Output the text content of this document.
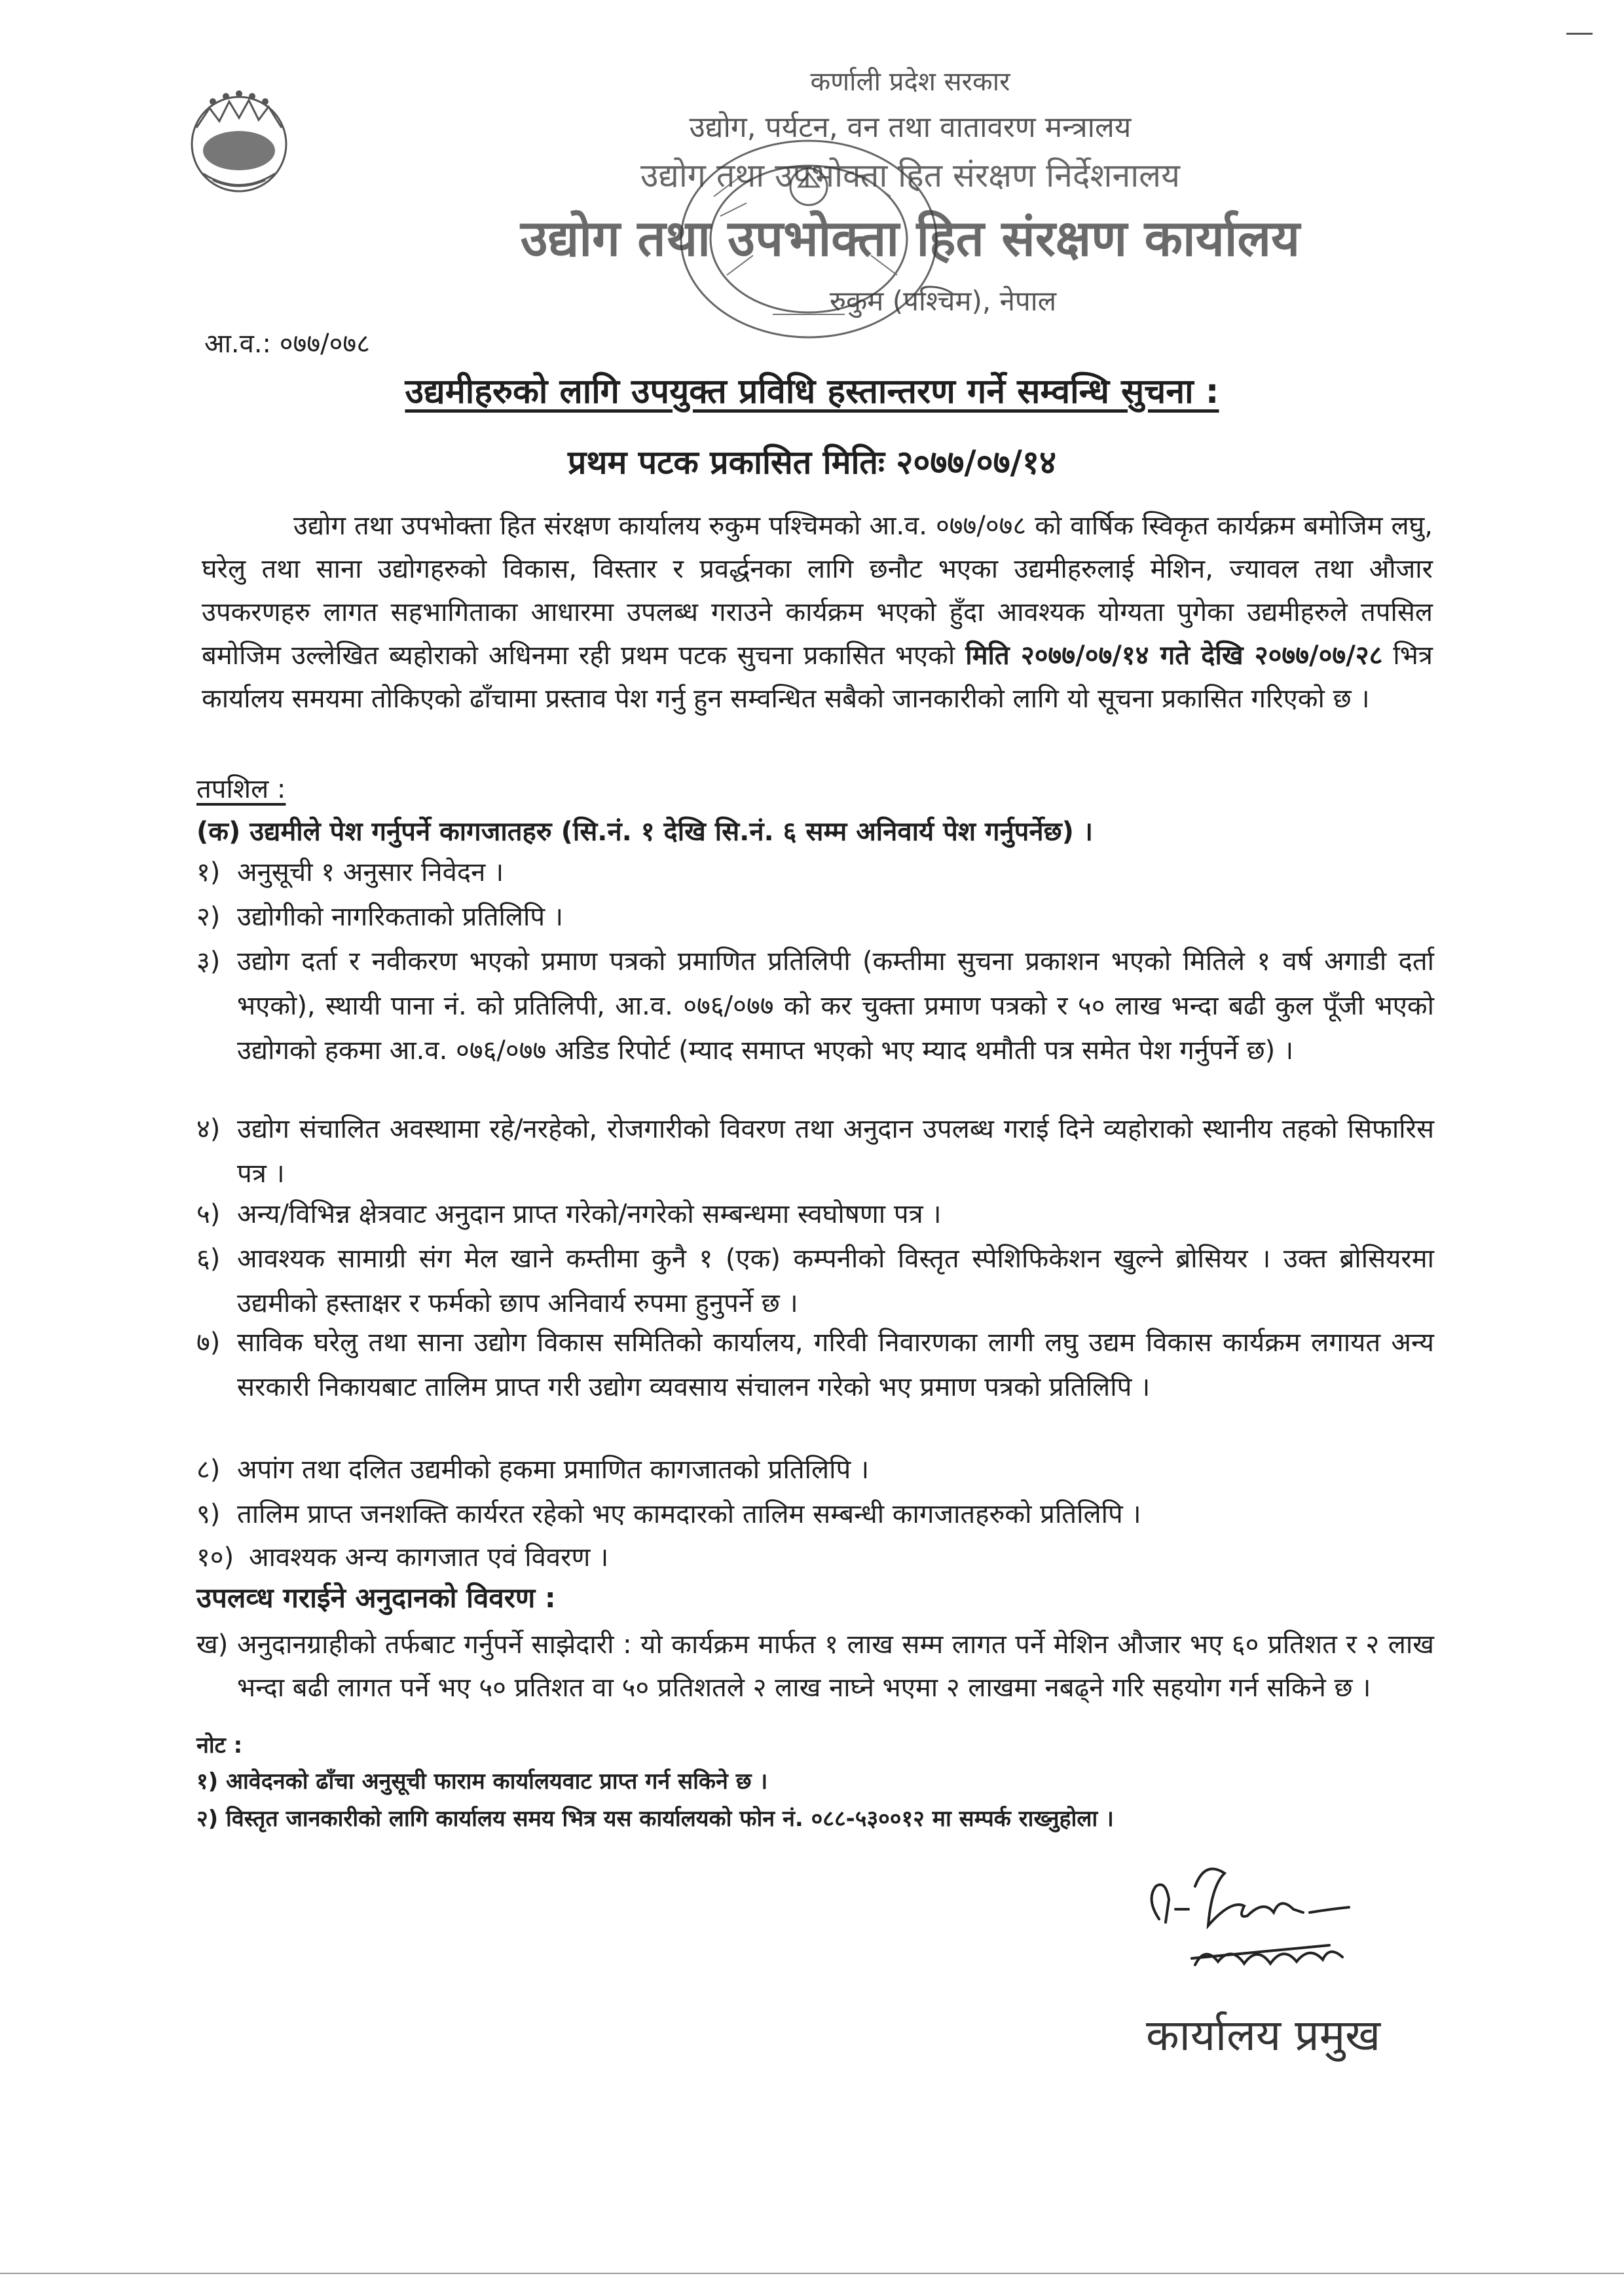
कर्णाली प्रदेश सरकार
उद्योग, पर्यटन, वन तथा वातावरण मन्त्रालय
उद्योग तथा उपभोक्ता हित संरक्षण निर्देशनालय
उद्योग तथा उपभोक्ता हित संरक्षण कार्यालय
रुकुम (पश्चिम), नेपाल
आ.व.: ०७७/०७८
उद्यमीहरुको लागि उपयुक्त प्रविधि हस्तान्तरण गर्ने सम्वन्धि सुचना :
प्रथम पटक प्रकासित मितिः २०७७/०७/१४
उद्योग तथा उपभोक्ता हित संरक्षण कार्यालय रुकुम पश्चिमको आ.व. ०७७/०७८ को वार्षिक स्विकृत कार्यक्रम बमोजिम लघु, घरेलु तथा साना उद्योगहरुको विकास, विस्तार र प्रवर्द्धनका लागि छनौट भएका उद्यमीहरुलाई मेशिन, ज्यावल तथा औजार उपकरणहरु लागत सहभागिताका आधारमा उपलब्ध गराउने कार्यक्रम भएको हुँदा आवश्यक योग्यता पुगेका उद्यमीहरुले तपसिल बमोजिम उल्लेखित ब्यहोराको अधिनमा रही प्रथम पटक सुचना प्रकासित भएको मिति २०७७/०७/१४ गते देखि २०७७/०७/२८ भित्र कार्यालय समयमा तोकिएको ढाँचामा प्रस्ताव पेश गर्नु हुन सम्वन्धित सबैको जानकारीको लागि यो सूचना प्रकासित गरिएको छ ।
तपशिल :
(क) उद्यमीले पेश गर्नुपर्ने कागजातहरु (सि.नं. १ देखि सि.नं. ६ सम्म अनिवार्य पेश गर्नुपर्नेछ) ।
१) अनुसूची १ अनुसार निवेदन ।
२) उद्योगीको नागरिकताको प्रतिलिपि ।
३) उद्योग दर्ता र नवीकरण भएको प्रमाण पत्रको प्रमाणित प्रतिलिपी (कम्तीमा सुचना प्रकाशन भएको मितिले १ वर्ष अगाडी दर्ता भएको), स्थायी पाना नं. को प्रतिलिपी, आ.व. ०७६/०७७ को कर चुक्ता प्रमाण पत्रको र ५० लाख भन्दा बढी कुल पूँजी भएको उद्योगको हकमा आ.व. ०७६/०७७ अडिड रिपोर्ट (म्याद समाप्त भएको भए म्याद थमौती पत्र समेत पेश गर्नुपर्ने छ) ।
४) उद्योग संचालित अवस्थामा रहे/नरहेको, रोजगारीको विवरण तथा अनुदान उपलब्ध गराई दिने व्यहोराको स्थानीय तहको सिफारिस पत्र ।
५) अन्य/विभिन्न क्षेत्रवाट अनुदान प्राप्त गरेको/नगरेको सम्बन्धमा स्वघोषणा पत्र ।
६) आवश्यक सामाग्री संग मेल खाने कम्तीमा कुनै १ (एक) कम्पनीको विस्तृत स्पेशिफिकेशन खुल्ने ब्रोसियर । उक्त ब्रोसियरमा उद्यमीको हस्ताक्षर र फर्मको छाप अनिवार्य रुपमा हुनुपर्ने छ ।
७) साविक घरेलु तथा साना उद्योग विकास समितिको कार्यालय, गरिवी निवारणका लागी लघु उद्यम विकास कार्यक्रम लगायत अन्य सरकारी निकायबाट तालिम प्राप्त गरी उद्योग व्यवसाय संचालन गरेको भए प्रमाण पत्रको प्रतिलिपि ।
८) अपांग तथा दलित उद्यमीको हकमा प्रमाणित कागजातको प्रतिलिपि ।
९) तालिम प्राप्त जनशक्ति कार्यरत रहेको भए कामदारको तालिम सम्बन्धी कागजातहरुको प्रतिलिपि ।
१०) आवश्यक अन्य कागजात एवं विवरण ।
उपलव्ध गराईने अनुदानको विवरण :
ख) अनुदानग्राहीको तर्फबाट गर्नुपर्ने साझेदारी : यो कार्यक्रम मार्फत १ लाख सम्म लागत पर्ने मेशिन औजार भए ६० प्रतिशत र २ लाख भन्दा बढी लागत पर्ने भए ५० प्रतिशत वा ५० प्रतिशतले २ लाख नाघ्ने भएमा २ लाखमा नबढ्ने गरि सहयोग गर्न सकिने छ ।
नोट :
१) आवेदनको ढाँचा अनुसूची फाराम कार्यालयवाट प्राप्त गर्न सकिने छ ।
२) विस्तृत जानकारीको लागि कार्यालय समय भित्र यस कार्यालयको फोन नं. ०८८-५३००१२ मा सम्पर्क राख्नुहोला ।
कार्यालय प्रमुख
